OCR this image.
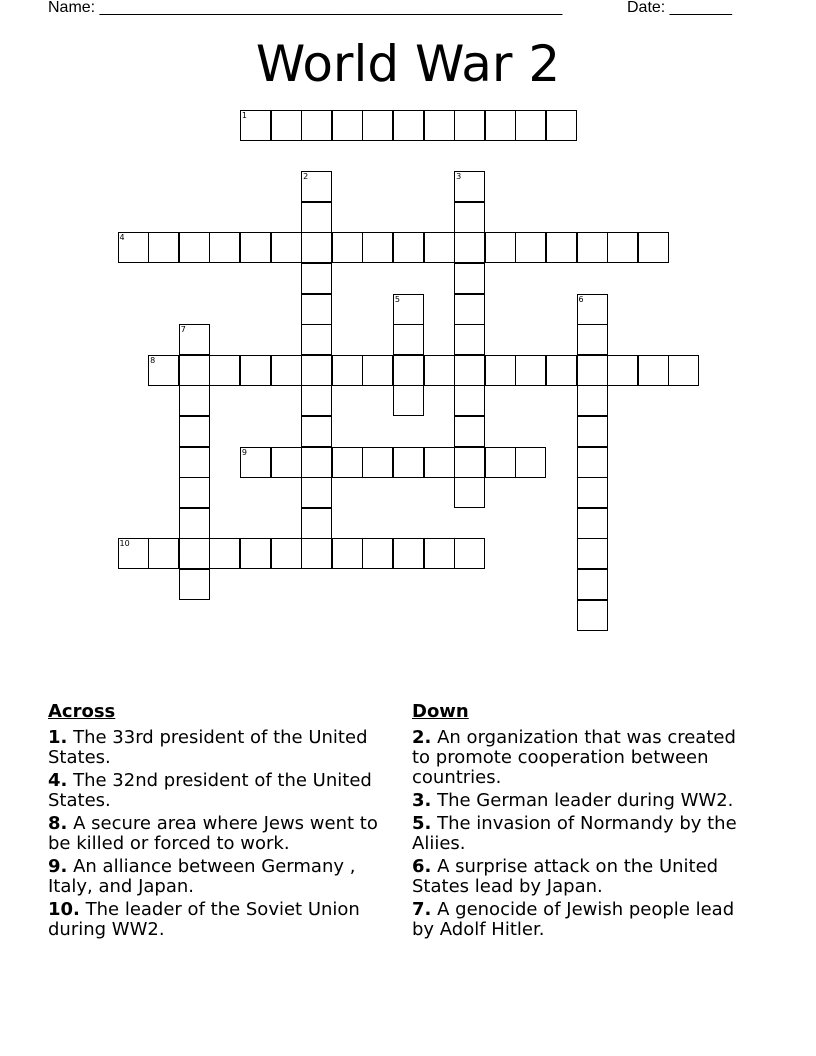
Name: ____________________________________________________	Date: _______
World War 2
1
2	3
4
5	6
7
8
9
10
Across
1. The 33rd president of the United States.
4. The 32nd president of the United States.
8. A secure area where Jews went to be killed or forced to work.
9. An alliance between Germany , Italy, and Japan.
10. The leader of the Soviet Union during WW2.
Down
2. An organization that was created to promote cooperation between countries.
3. The German leader during WW2.
5. The invasion of Normandy by the Aliies.
6. A surprise attack on the United States lead by Japan.
7. A genocide of Jewish people lead by Adolf Hitler.
